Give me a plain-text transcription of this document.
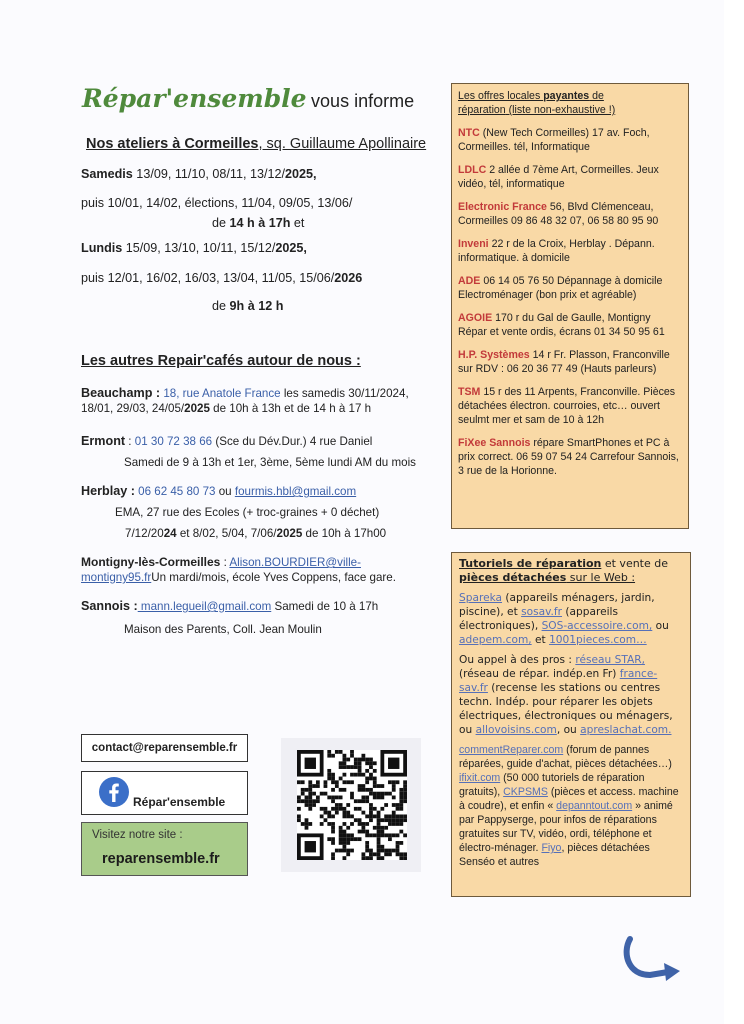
Répar'ensemble vous informe
Nos ateliers à Cormeilles, sq. Guillaume Apollinaire
Samedis 13/09, 11/10, 08/11, 13/12/2025,
puis 10/01, 14/02, élections, 11/04, 09/05, 13/06/
de 14 h à 17h et
Lundis 15/09, 13/10, 10/11, 15/12/2025,
puis 12/01, 16/02, 16/03, 13/04, 11/05, 15/06/2026
de 9h à 12 h
Les autres Repair'cafés autour de nous :
Beauchamp : 18, rue Anatole France les samedis 30/11/2024,
18/01, 29/03, 24/05/2025 de 10h à 13h et de 14 h à 17 h
Ermont : 01 30 72 38 66 (Sce du Dév.Dur.) 4 rue Daniel
Samedi de 9 à 13h et 1er, 3ème, 5ème lundi AM du mois
Herblay : 06 62 45 80 73 ou fourmis.hbl@gmail.com
EMA, 27 rue des Ecoles (+ troc-graines + 0 déchet)
7/12/2024 et 8/02, 5/04, 7/06/2025 de 10h à 17h00
Montigny-lès-Cormeilles : Alison.BOURDIER@ville-
montigny95.frUn mardi/mois, école Yves Coppens, face gare.
Sannois : mann.legueil@gmail.com Samedi de 10 à 17h
Maison des Parents, Coll. Jean Moulin
contact@reparensemble.fr
Répar'ensemble
Visitez notre site :
reparensemble.fr
Les offres locales payantes de
réparation (liste non-exhaustive !)

NTC (New Tech Cormeilles) 17 av. Foch, Cormeilles. tél, Informatique

LDLC 2 allée d 7ème Art, Cormeilles. Jeux vidéo, tél, informatique

Electronic France 56, Blvd Clémenceau, Cormeilles 09 86 48 32 07, 06 58 80 95 90

Inveni 22 r de la Croix, Herblay . Dépann. informatique. à domicile

ADE 06 14 05 76 50 Dépannage à domicile Electroménager (bon prix et agréable)

AGOIE 170 r du Gal de Gaulle, Montigny Répar et vente ordis, écrans 01 34 50 95 61

H.P. Systèmes 14 r Fr. Plasson, Franconville sur RDV : 06 20 36 77 49 (Hauts parleurs)

TSM 15 r des 11 Arpents, Franconville. Pièces détachées électron. courroies, etc… ouvert seulmt mer et sam de 10 à 12h

FiXee Sannois répare SmartPhones et PC à prix correct. 06 59 07 54 24 Carrefour Sannois, 3 rue de la Horionne.

Tutoriels de réparation et vente de
pièces détachées sur le Web :

Spareka (appareils ménagers, jardin, piscine), et sosav.fr (appareils électroniques), SOS-accessoire.com, ou adepem.com, et 1001pieces.com…

Ou appel à des pros : réseau STAR, (réseau de répar. indép.en Fr) france-sav.fr (recense les stations ou centres techn. Indép. pour réparer les objets électriques, électroniques ou ménagers, ou allovoisins.com, ou apreslachat.com.

commentReparer.com (forum de pannes réparées, guide d'achat, pièces détachées…) ifixit.com (50 000 tutoriels de réparation gratuits), CKPSMS (pièces et access. machine à coudre), et enfin « depanntout.com » animé par Pappyserge, pour infos de réparations gratuites sur TV, vidéo, ordi, téléphone et électro-ménager. Fiyo, pièces détachées Senséo et autres
